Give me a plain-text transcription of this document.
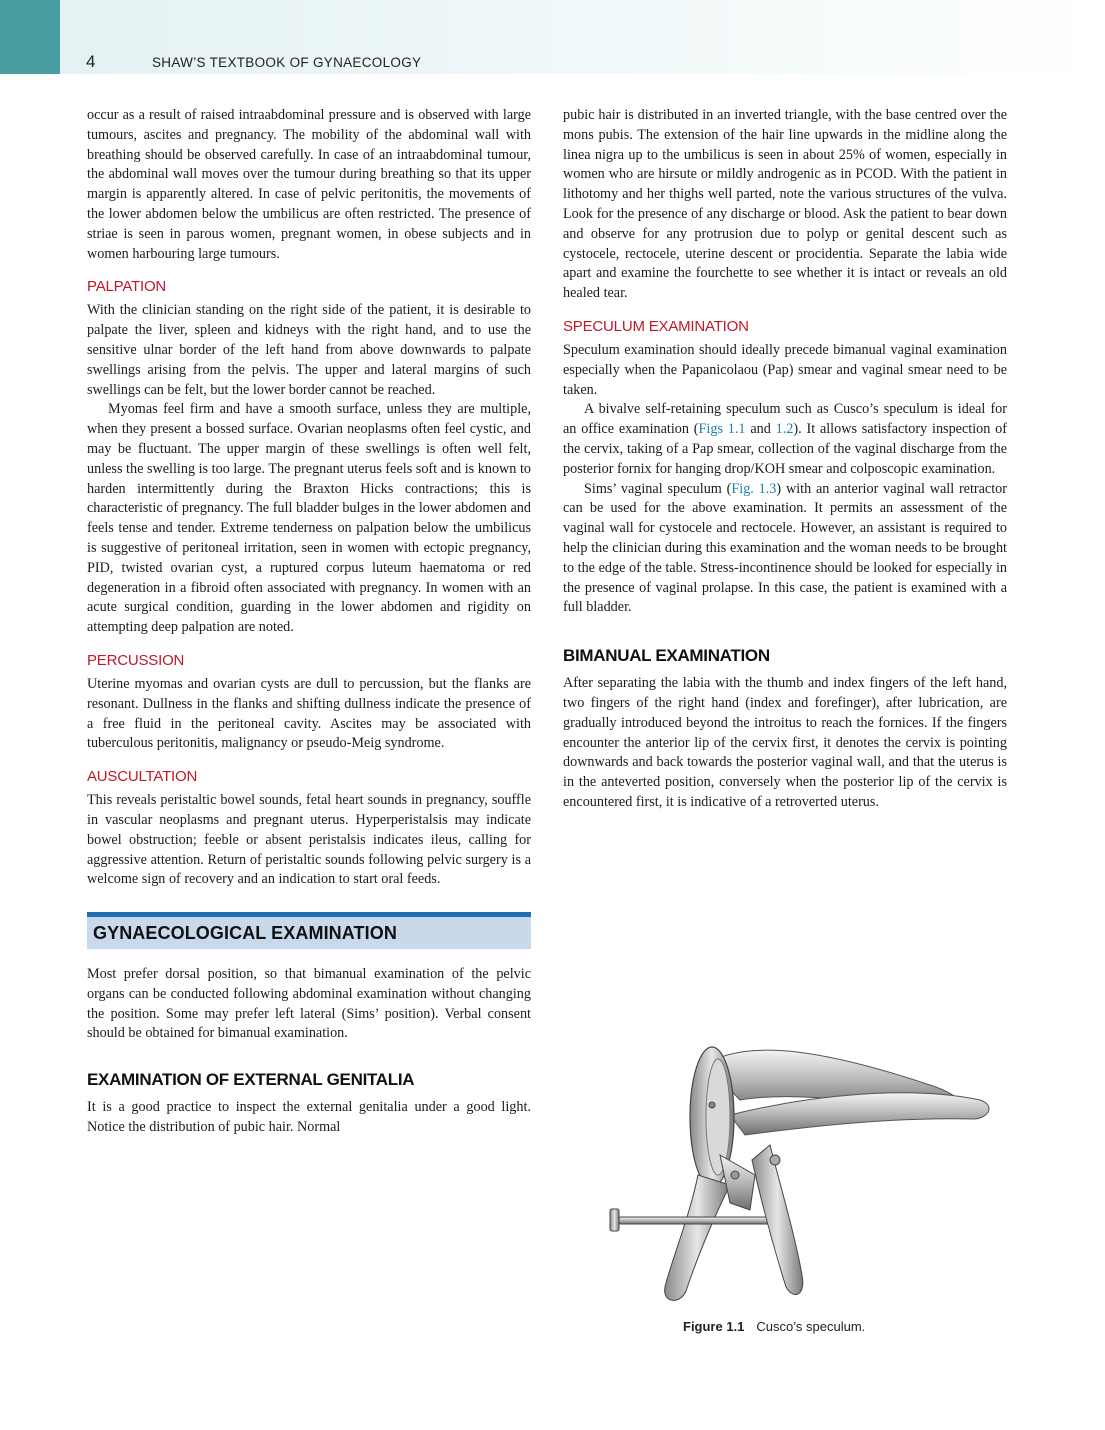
4	SHAW’S TEXTBOOK OF GYNAECOLOGY

occur as a result of raised intraabdominal pressure and is observed with large tumours, ascites and pregnancy. The mobility of the abdominal wall with breathing should be observed carefully. In case of an intraabdominal tumour, the abdominal wall moves over the tumour during breathing so that its upper margin is apparently altered. In case of pelvic peritonitis, the movements of the lower abdomen below the umbilicus are often restricted. The presence of striae is seen in parous women, pregnant women, in obese subjects and in women harbouring large tumours.

PALPATION

With the clinician standing on the right side of the patient, it is desirable to palpate the liver, spleen and kidneys with the right hand, and to use the sensitive ulnar border of the left hand from above downwards to palpate swellings arising from the pelvis. The upper and lateral margins of such swellings can be felt, but the lower border cannot be reached.

Myomas feel firm and have a smooth surface, unless they are multiple, when they present a bossed surface. Ovarian neoplasms often feel cystic, and may be fluctuant. The upper margin of these swellings is often well felt, unless the swelling is too large. The pregnant uterus feels soft and is known to harden intermittently during the Braxton Hicks contractions; this is characteristic of pregnancy. The full bladder bulges in the lower abdomen and feels tense and tender. Extreme tenderness on palpation below the umbilicus is suggestive of peritoneal irritation, seen in women with ectopic pregnancy, PID, twisted ovarian cyst, a ruptured corpus luteum haematoma or red degeneration in a fibroid often associated with pregnancy. In women with an acute surgical condition, guarding in the lower abdomen and rigidity on attempting deep palpation are noted.

PERCUSSION

Uterine myomas and ovarian cysts are dull to percussion, but the flanks are resonant. Dullness in the flanks and shifting dullness indicate the presence of a free fluid in the peritoneal cavity. Ascites may be associated with tuberculous peritonitis, malignancy or pseudo-Meig syndrome.

AUSCULTATION

This reveals peristaltic bowel sounds, fetal heart sounds in pregnancy, souffle in vascular neoplasms and pregnant uterus. Hyperperistalsis may indicate bowel obstruction; feeble or absent peristalsis indicates ileus, calling for aggressive attention. Return of peristaltic sounds following pelvic surgery is a welcome sign of recovery and an indication to start oral feeds.

GYNAECOLOGICAL EXAMINATION

Most prefer dorsal position, so that bimanual examination of the pelvic organs can be conducted following abdominal examination without changing the position. Some may prefer left lateral (Sims’ position). Verbal consent should be obtained for bimanual examination.

EXAMINATION OF EXTERNAL GENITALIA

It is a good practice to inspect the external genitalia under a good light. Notice the distribution of pubic hair. Normal

pubic hair is distributed in an inverted triangle, with the base centred over the mons pubis. The extension of the hair line upwards in the midline along the linea nigra up to the umbilicus is seen in about 25% of women, especially in women who are hirsute or mildly androgenic as in PCOD. With the patient in lithotomy and her thighs well parted, note the various structures of the vulva. Look for the presence of any discharge or blood. Ask the patient to bear down and observe for any protrusion due to polyp or genital descent such as cystocele, rectocele, uterine descent or procidentia. Separate the labia wide apart and examine the fourchette to see whether it is intact or reveals an old healed tear.

SPECULUM EXAMINATION

Speculum examination should ideally precede bimanual vaginal examination especially when the Papanicolaou (Pap) smear and vaginal smear need to be taken.

A bivalve self-retaining speculum such as Cusco’s speculum is ideal for an office examination (Figs 1.1 and 1.2). It allows satisfactory inspection of the cervix, taking of a Pap smear, collection of the vaginal discharge from the posterior fornix for hanging drop/KOH smear and colposcopic examination.

Sims’ vaginal speculum (Fig. 1.3) with an anterior vaginal wall retractor can be used for the above examination. It permits an assessment of the vaginal wall for cystocele and rectocele. However, an assistant is required to help the clinician during this examination and the woman needs to be brought to the edge of the table. Stress-incontinence should be looked for especially in the presence of vaginal prolapse. In this case, the patient is examined with a full bladder.

BIMANUAL EXAMINATION

After separating the labia with the thumb and index fingers of the left hand, two fingers of the right hand (index and forefinger), after lubrication, are gradually introduced beyond the introitus to reach the fornices. If the fingers encounter the anterior lip of the cervix first, it denotes the cervix is pointing downwards and back towards the posterior vaginal wall, and that the uterus is in the anteverted position, conversely when the posterior lip of the cervix is encountered first, it is indicative of a retroverted uterus.

Figure 1.1 Cusco’s speculum.
